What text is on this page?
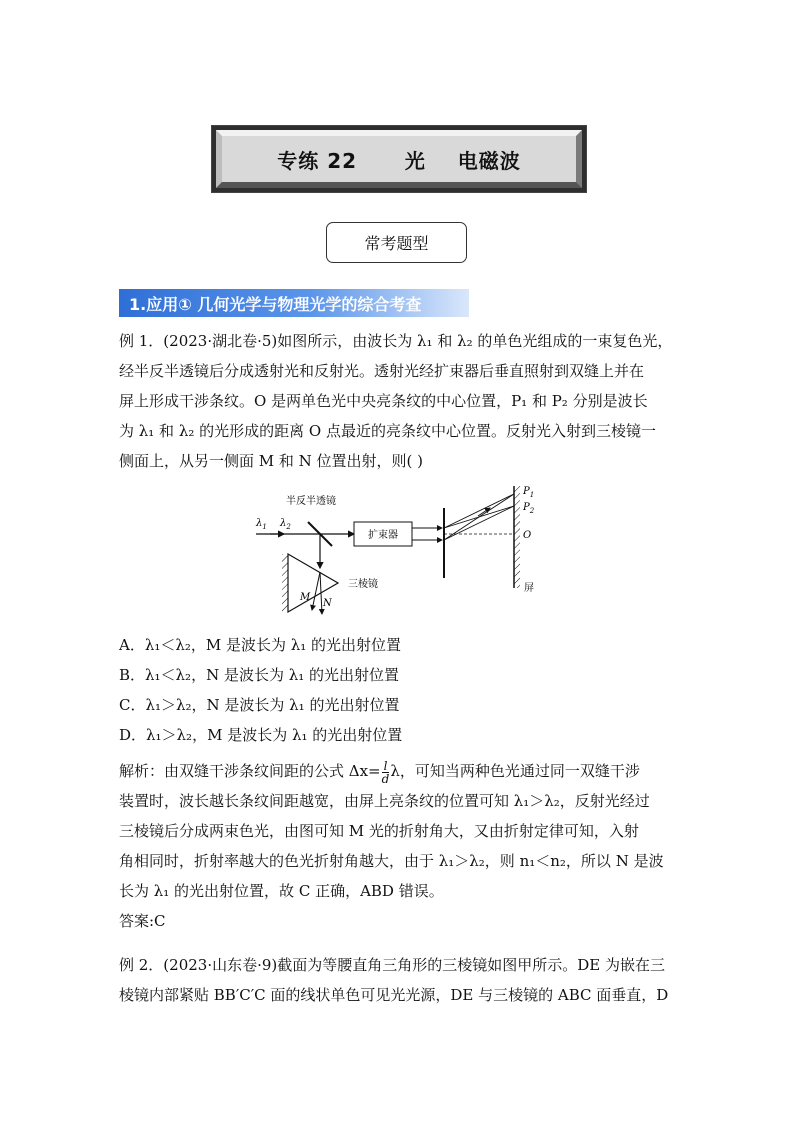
专练 22      光    电磁波
常考题型
1.应用① 几何光学与物理光学的综合考查
例 1．(2023·湖北卷·5)如图所示，由波长为 λ₁ 和 λ₂ 的单色光组成的一束复色光，
经半反半透镜后分成透射光和反射光。透射光经扩束器后垂直照射到双缝上并在
屏上形成干涉条纹。O 是两单色光中央亮条纹的中心位置，P₁ 和 P₂ 分别是波长
为 λ₁ 和 λ₂ 的光形成的距离 O 点最近的亮条纹中心位置。反射光入射到三棱镜一
侧面上，从另一侧面 M 和 N 位置出射，则( )
$\lambda_1$ $\lambda_2$
半反半透镜
扩束器
$P_1$
$P_2$
O
屏
三棱镜
M
N
A．λ₁＜λ₂，M 是波长为 λ₁ 的光出射位置
B．λ₁＜λ₂，N 是波长为 λ₁ 的光出射位置
C．λ₁＞λ₂，N 是波长为 λ₁ 的光出射位置
D．λ₁＞λ₂，M 是波长为 λ₁ 的光出射位置
解析：由双缝干涉条纹间距的公式 $\Delta x= \frac{l}{d}$ λ，可知当两种色光通过同一双缝干涉
装置时，波长越长条纹间距越宽，由屏上亮条纹的位置可知 λ₁＞λ₂，反射光经过
三棱镜后分成两束色光，由图可知 M 光的折射角大，又由折射定律可知，入射
角相同时，折射率越大的色光折射角越大，由于 λ₁＞λ₂，则 n₁＜n₂，所以 N 是波
长为 λ₁ 的光出射位置，故 C 正确，ABD 错误。
答案:C
例 2．(2023·山东卷·9)截面为等腰直角三角形的三棱镜如图甲所示。DE 为嵌在三
棱镜内部紧贴 BB′C′C 面的线状单色可见光光源，DE 与三棱镜的 ABC 面垂直，D
